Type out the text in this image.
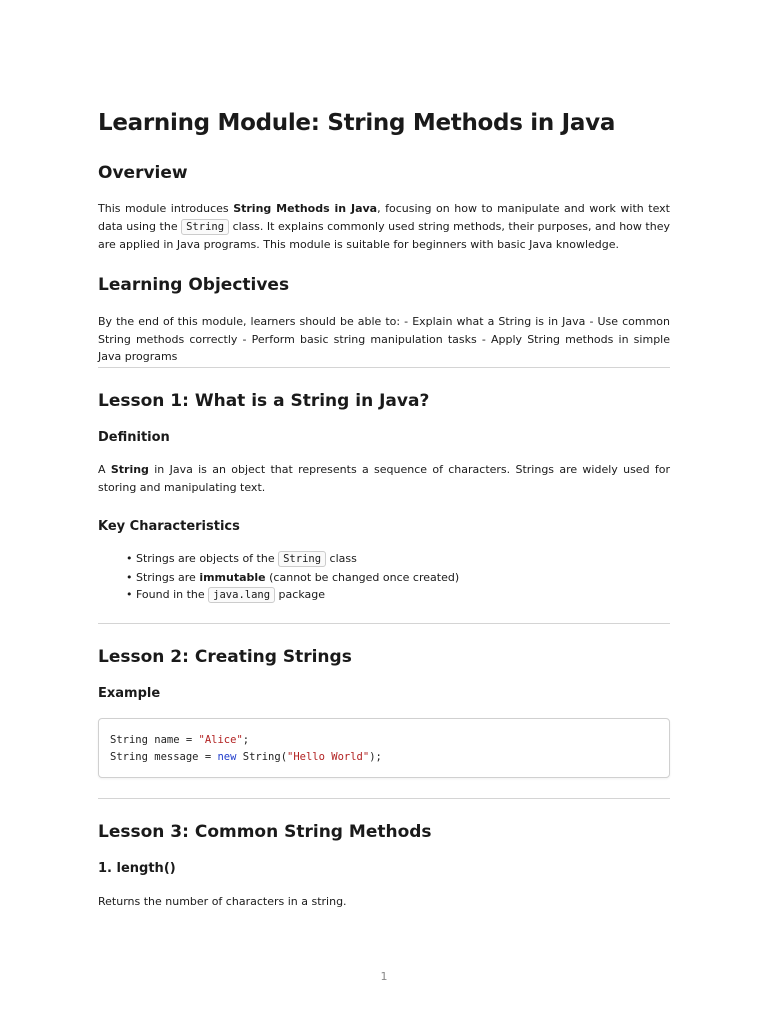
Learning Module: String Methods in Java
Overview

This module introduces String Methods in Java, focusing on how to manipulate and work with text data using the String class. It explains commonly used string methods, their purposes, and how they are applied in Java programs. This module is suitable for beginners with basic Java knowledge.

Learning Objectives

By the end of this module, learners should be able to: - Explain what a String is in Java - Use common String methods correctly - Perform basic string manipulation tasks - Apply String methods in simple Java programs

Lesson 1: What is a String in Java?
Definition

A String in Java is an object that represents a sequence of characters. Strings are widely used for storing and manipulating text.

Key Characteristics
• Strings are objects of the String class
• Strings are immutable (cannot be changed once created)
• Found in the java.lang package
Lesson 2: Creating Strings
Example
String name = "Alice";
String message = new String("Hello World");
Lesson 3: Common String Methods
1. length()

Returns the number of characters in a string.

1
